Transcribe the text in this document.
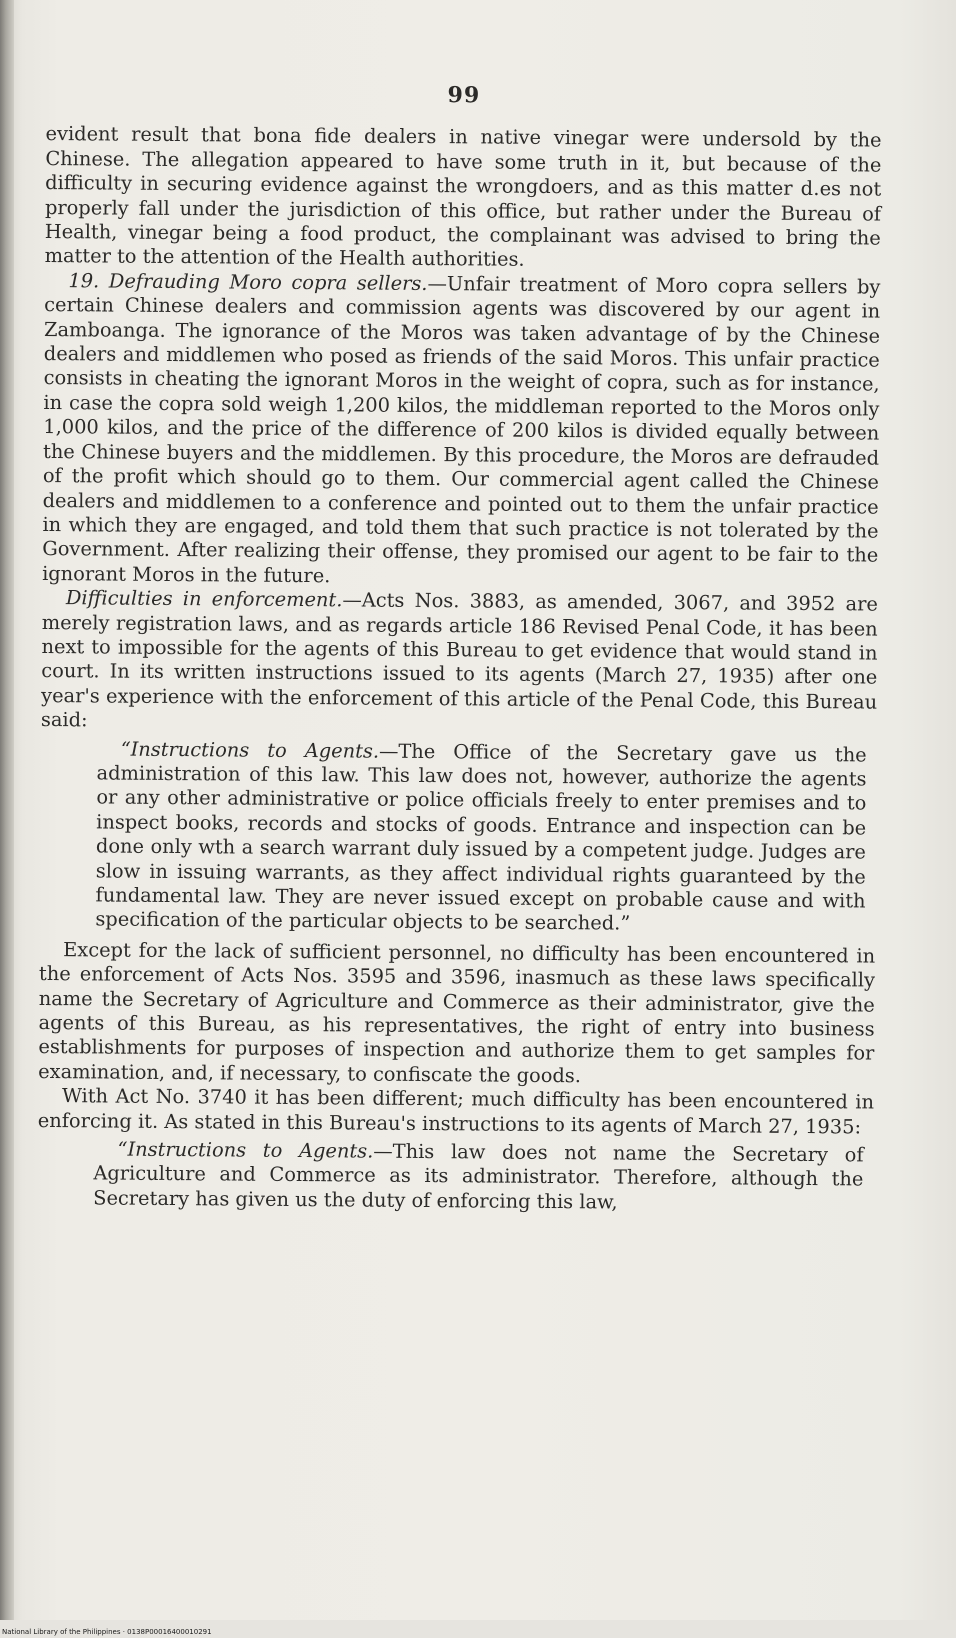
99

evident result that bona fide dealers in native vinegar were undersold by the Chinese. The allegation appeared to have some truth in it, but because of the difficulty in securing evidence against the wrongdoers, and as this matter d․es not properly fall under the jurisdiction of this office, but rather under the Bureau of Health, vinegar being a food product, the complainant was advised to bring the matter to the attention of the Health authorities.

19. Defrauding Moro copra sellers.—Unfair treatment of Moro copra sellers by certain Chinese dealers and commission agents was discovered by our agent in Zamboanga. The ignorance of the Moros was taken advantage of by the Chinese dealers and middlemen who posed as friends of the said Moros. This unfair practice consists in cheating the ignorant Moros in the weight of copra, such as for instance, in case the copra sold weigh 1,200 kilos, the middleman reported to the Moros only 1,000 kilos, and the price of the difference of 200 kilos is divided equally between the Chinese buyers and the middlemen. By this procedure, the Moros are defrauded of the profit which should go to them. Our commercial agent called the Chinese dealers and middlemen to a conference and pointed out to them the unfair practice in which they are engaged, and told them that such practice is not tolerated by the Government. After realizing their offense, they promised our agent to be fair to the ignorant Moros in the future.

Difficulties in enforcement.—Acts Nos. 3883, as amended, 3067, and 3952 are merely registration laws, and as regards article 186 Revised Penal Code, it has been next to impossible for the agents of this Bureau to get evidence that would stand in court. In its written instructions issued to its agents (March 27, 1935) after one year's experience with the enforcement of this article of the Penal Code, this Bureau said:

“Instructions to Agents.—The Office of the Secretary gave us the administration of this law. This law does not, however, authorize the agents or any other administrative or police officials freely to enter premises and to inspect books, records and stocks of goods. Entrance and inspection can be done only wth a search warrant duly issued by a competent judge. Judges are slow in issuing warrants, as they affect individual rights guaranteed by the fundamental law. They are never issued except on probable cause and with specification of the particular objects to be searched.”

Except for the lack of sufficient personnel, no difficulty has been encountered in the enforcement of Acts Nos. 3595 and 3596, inasmuch as these laws specifically name the Secretary of Agriculture and Commerce as their administrator, give the agents of this Bureau, as his representatives, the right of entry into business establishments for purposes of inspection and authorize them to get samples for examination, and, if necessary, to confiscate the goods.

With Act No. 3740 it has been different; much difficulty has been encountered in enforcing it. As stated in this Bureau's instructions to its agents of March 27, 1935:

“Instructions to Agents.—This law does not name the Secretary of Agriculture and Commerce as its administrator. Therefore, although the Secretary has given us the duty of enforcing this law,

National Library of the Philippines · 0138P00016400010291
